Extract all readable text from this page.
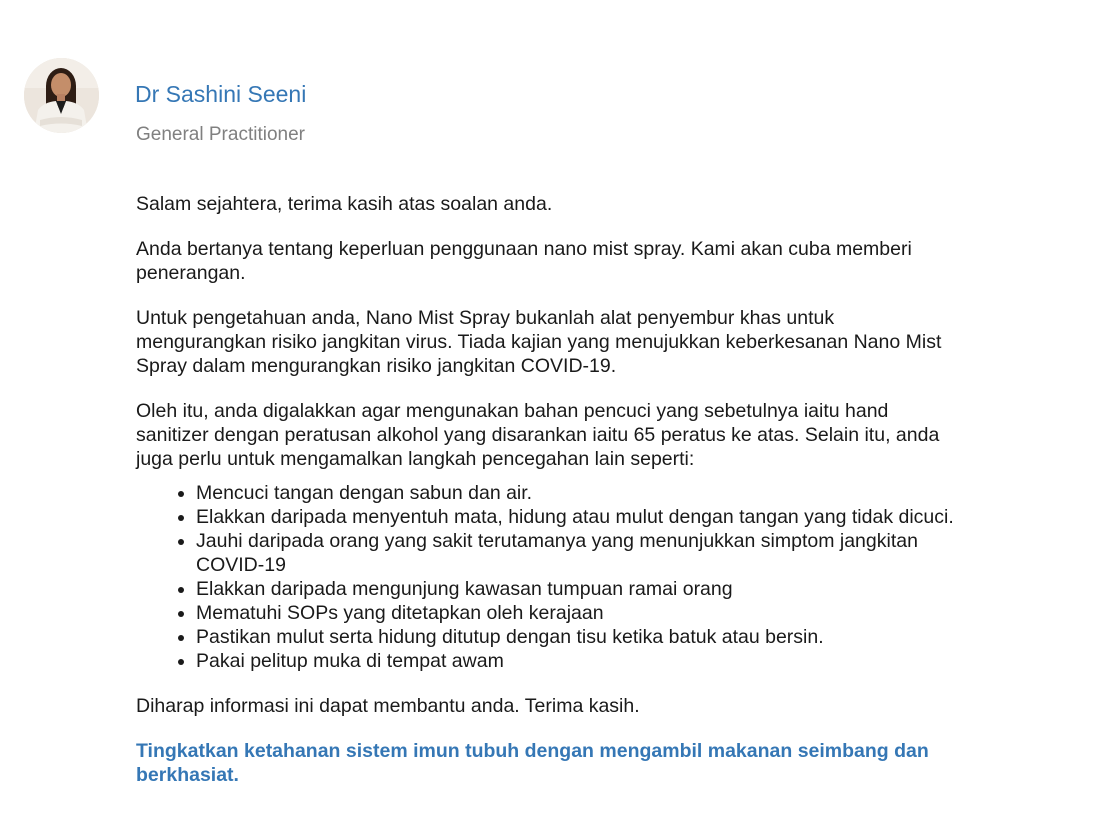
Dr Sashini Seeni
General Practitioner

Salam sejahtera, terima kasih atas soalan anda.

Anda bertanya tentang keperluan penggunaan nano mist spray. Kami akan cuba memberi penerangan.

Untuk pengetahuan anda, Nano Mist Spray bukanlah alat penyembur khas untuk mengurangkan risiko jangkitan virus. Tiada kajian yang menujukkan keberkesanan Nano Mist Spray dalam mengurangkan risiko jangkitan COVID-19.

Oleh itu, anda digalakkan agar mengunakan bahan pencuci yang sebetulnya iaitu hand sanitizer dengan peratusan alkohol yang disarankan iaitu 65 peratus ke atas. Selain itu, anda juga perlu untuk mengamalkan langkah pencegahan lain seperti:

• Mencuci tangan dengan sabun dan air.
• Elakkan daripada menyentuh mata, hidung atau mulut dengan tangan yang tidak dicuci.
• Jauhi daripada orang yang sakit terutamanya yang menunjukkan simptom jangkitan COVID-19
• Elakkan daripada mengunjung kawasan tumpuan ramai orang
• Mematuhi SOPs yang ditetapkan oleh kerajaan
• Pastikan mulut serta hidung ditutup dengan tisu ketika batuk atau bersin.
• Pakai pelitup muka di tempat awam

Diharap informasi ini dapat membantu anda. Terima kasih.

Tingkatkan ketahanan sistem imun tubuh dengan mengambil makanan seimbang dan berkhasiat.
